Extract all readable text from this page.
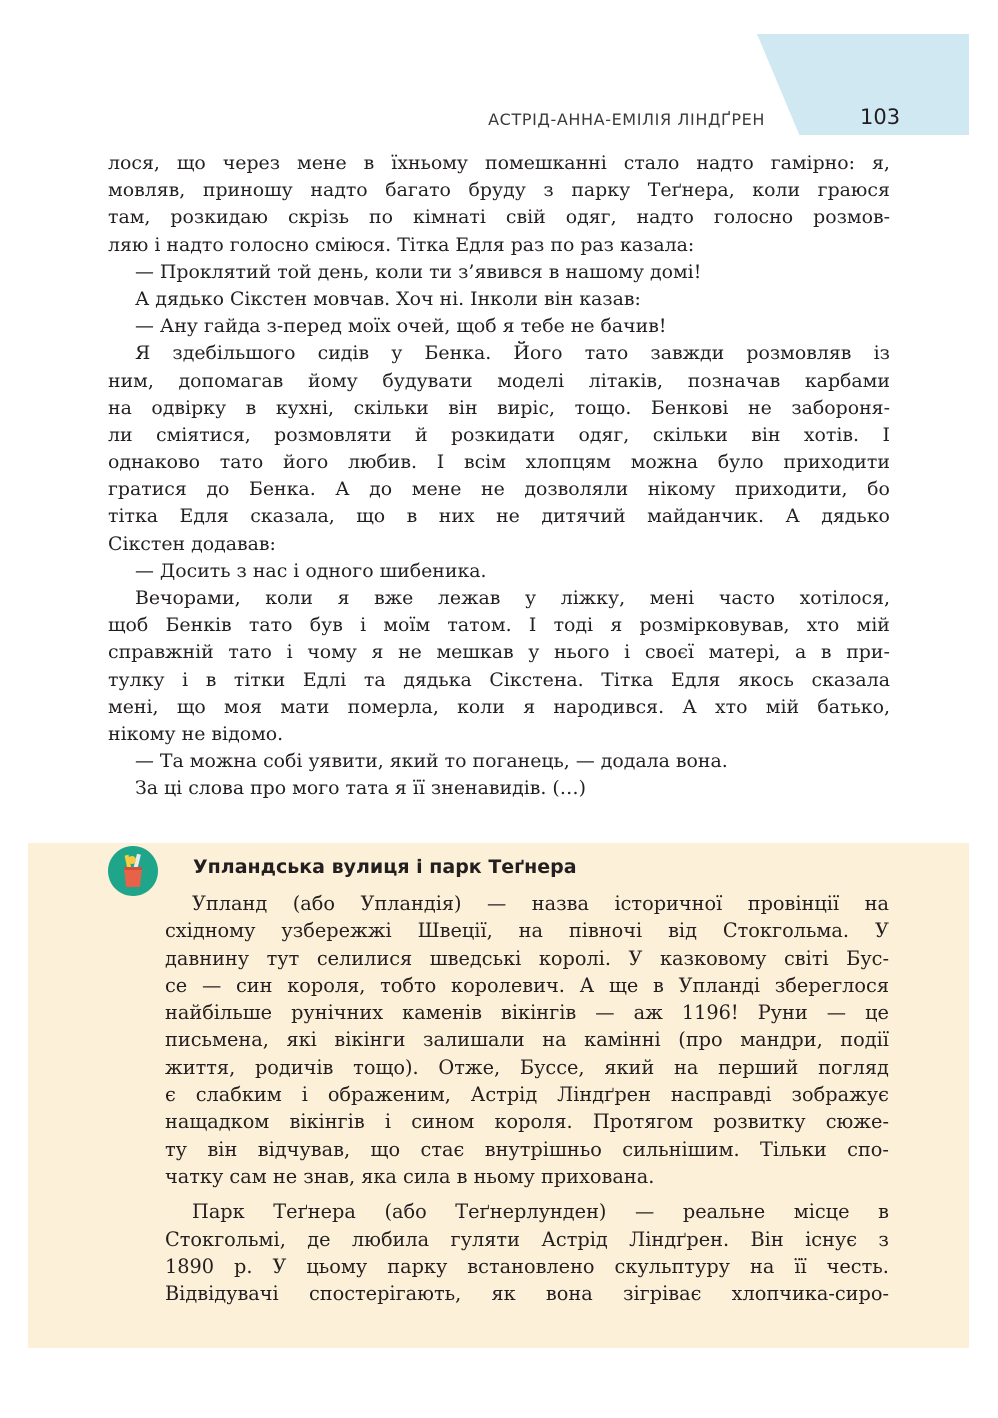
АСТРІД-АННА-ЕМІЛІЯ ЛІНДҐРЕН	103
лося, що через мене в їхньому помешканні стало надто гамірно: я,
мовляв, приношу надто багато бруду з парку Теґнера, коли граюся
там, розкидаю скрізь по кімнаті свій одяг, надто голосно розмов-
ляю і надто голосно сміюся. Тітка Едля раз по раз казала:
— Проклятий той день, коли ти з’явився в нашому домі!
А дядько Сікстен мовчав. Хоч ні. Інколи він казав:
— Ану гайда з-перед моїх очей, щоб я тебе не бачив!
Я здебільшого сидів у Бенка. Його тато завжди розмовляв із
ним, допомагав йому будувати моделі літаків, позначав карбами
на одвірку в кухні, скільки він виріс, тощо. Бенкові не забороня-
ли сміятися, розмовляти й розкидати одяг, скільки він хотів. І
однаково тато його любив. І всім хлопцям можна було приходити
гратися до Бенка. А до мене не дозволяли нікому приходити, бо
тітка Едля сказала, що в них не дитячий майданчик. А дядько
Сікстен додавав:
— Досить з нас і одного шибеника.
Вечорами, коли я вже лежав у ліжку, мені часто хотілося,
щоб Бенків тато був і моїм татом. І тоді я розмірковував, хто мій
справжній тато і чому я не мешкав у нього і своєї матері, а в при-
тулку і в тітки Едлі та дядька Сікстена. Тітка Едля якось сказала
мені, що моя мати померла, коли я народився. А хто мій батько,
нікому не відомо.
— Та можна собі уявити, який то поганець, — додала вона.
За ці слова про мого тата я її зненавидів. (…)
Упландська вулиця і парк Теґнера
Упланд (або Упландія) — назва історичної провінції на
східному узбережжі Швеції, на півночі від Стокгольма. У
давнину тут селилися шведські королі. У казковому світі Бус-
се — син короля, тобто королевич. А ще в Упланді збереглося
найбільше рунічних каменів вікінгів — аж 1196! Руни — це
письмена, які вікінги залишали на камінні (про мандри, події
життя, родичів тощо). Отже, Буссе, який на перший погляд
є слабким і ображеним, Астрід Ліндґрен насправді зображує
нащадком вікінгів і сином короля. Протягом розвитку сюже-
ту він відчував, що стає внутрішньо сильнішим. Тільки спо-
чатку сам не знав, яка сила в ньому прихована.
Парк Теґнера (або Теґнерлунден) — реальне місце в
Стокгольмі, де любила гуляти Астрід Ліндґрен. Він існує з
1890 р. У цьому парку встановлено скульптуру на її честь.
Відвідувачі спостерігають, як вона зігріває хлопчика-сиро-
